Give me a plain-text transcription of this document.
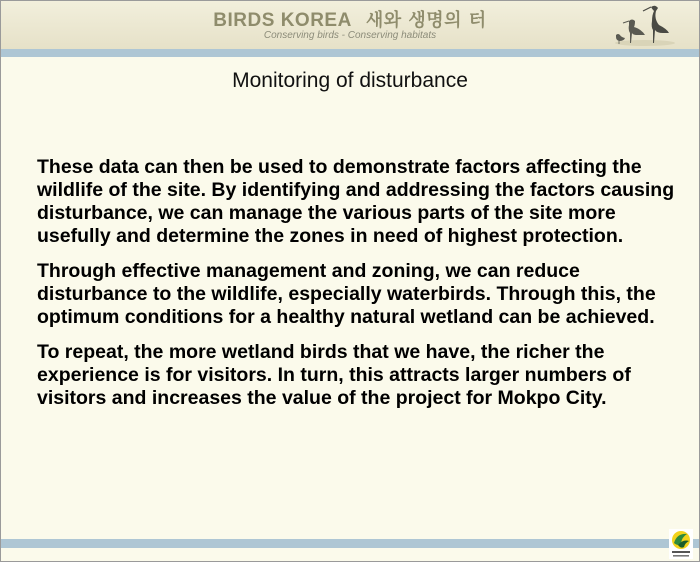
BIRDS KOREA 새와 생명의 터
Conserving birds - Conserving habitats
Monitoring of disturbance

These data can then be used to demonstrate factors affecting the wildlife of the site. By identifying and addressing the factors causing disturbance, we can manage the various parts of the site more usefully and determine the zones in need of highest protection.

Through effective management and zoning, we can reduce disturbance to the wildlife, especially waterbirds. Through this, the optimum conditions for a healthy natural wetland can be achieved.

To repeat, the more wetland birds that we have, the richer the experience is for visitors. In turn, this attracts larger numbers of visitors and increases the value of the project for Mokpo City.
